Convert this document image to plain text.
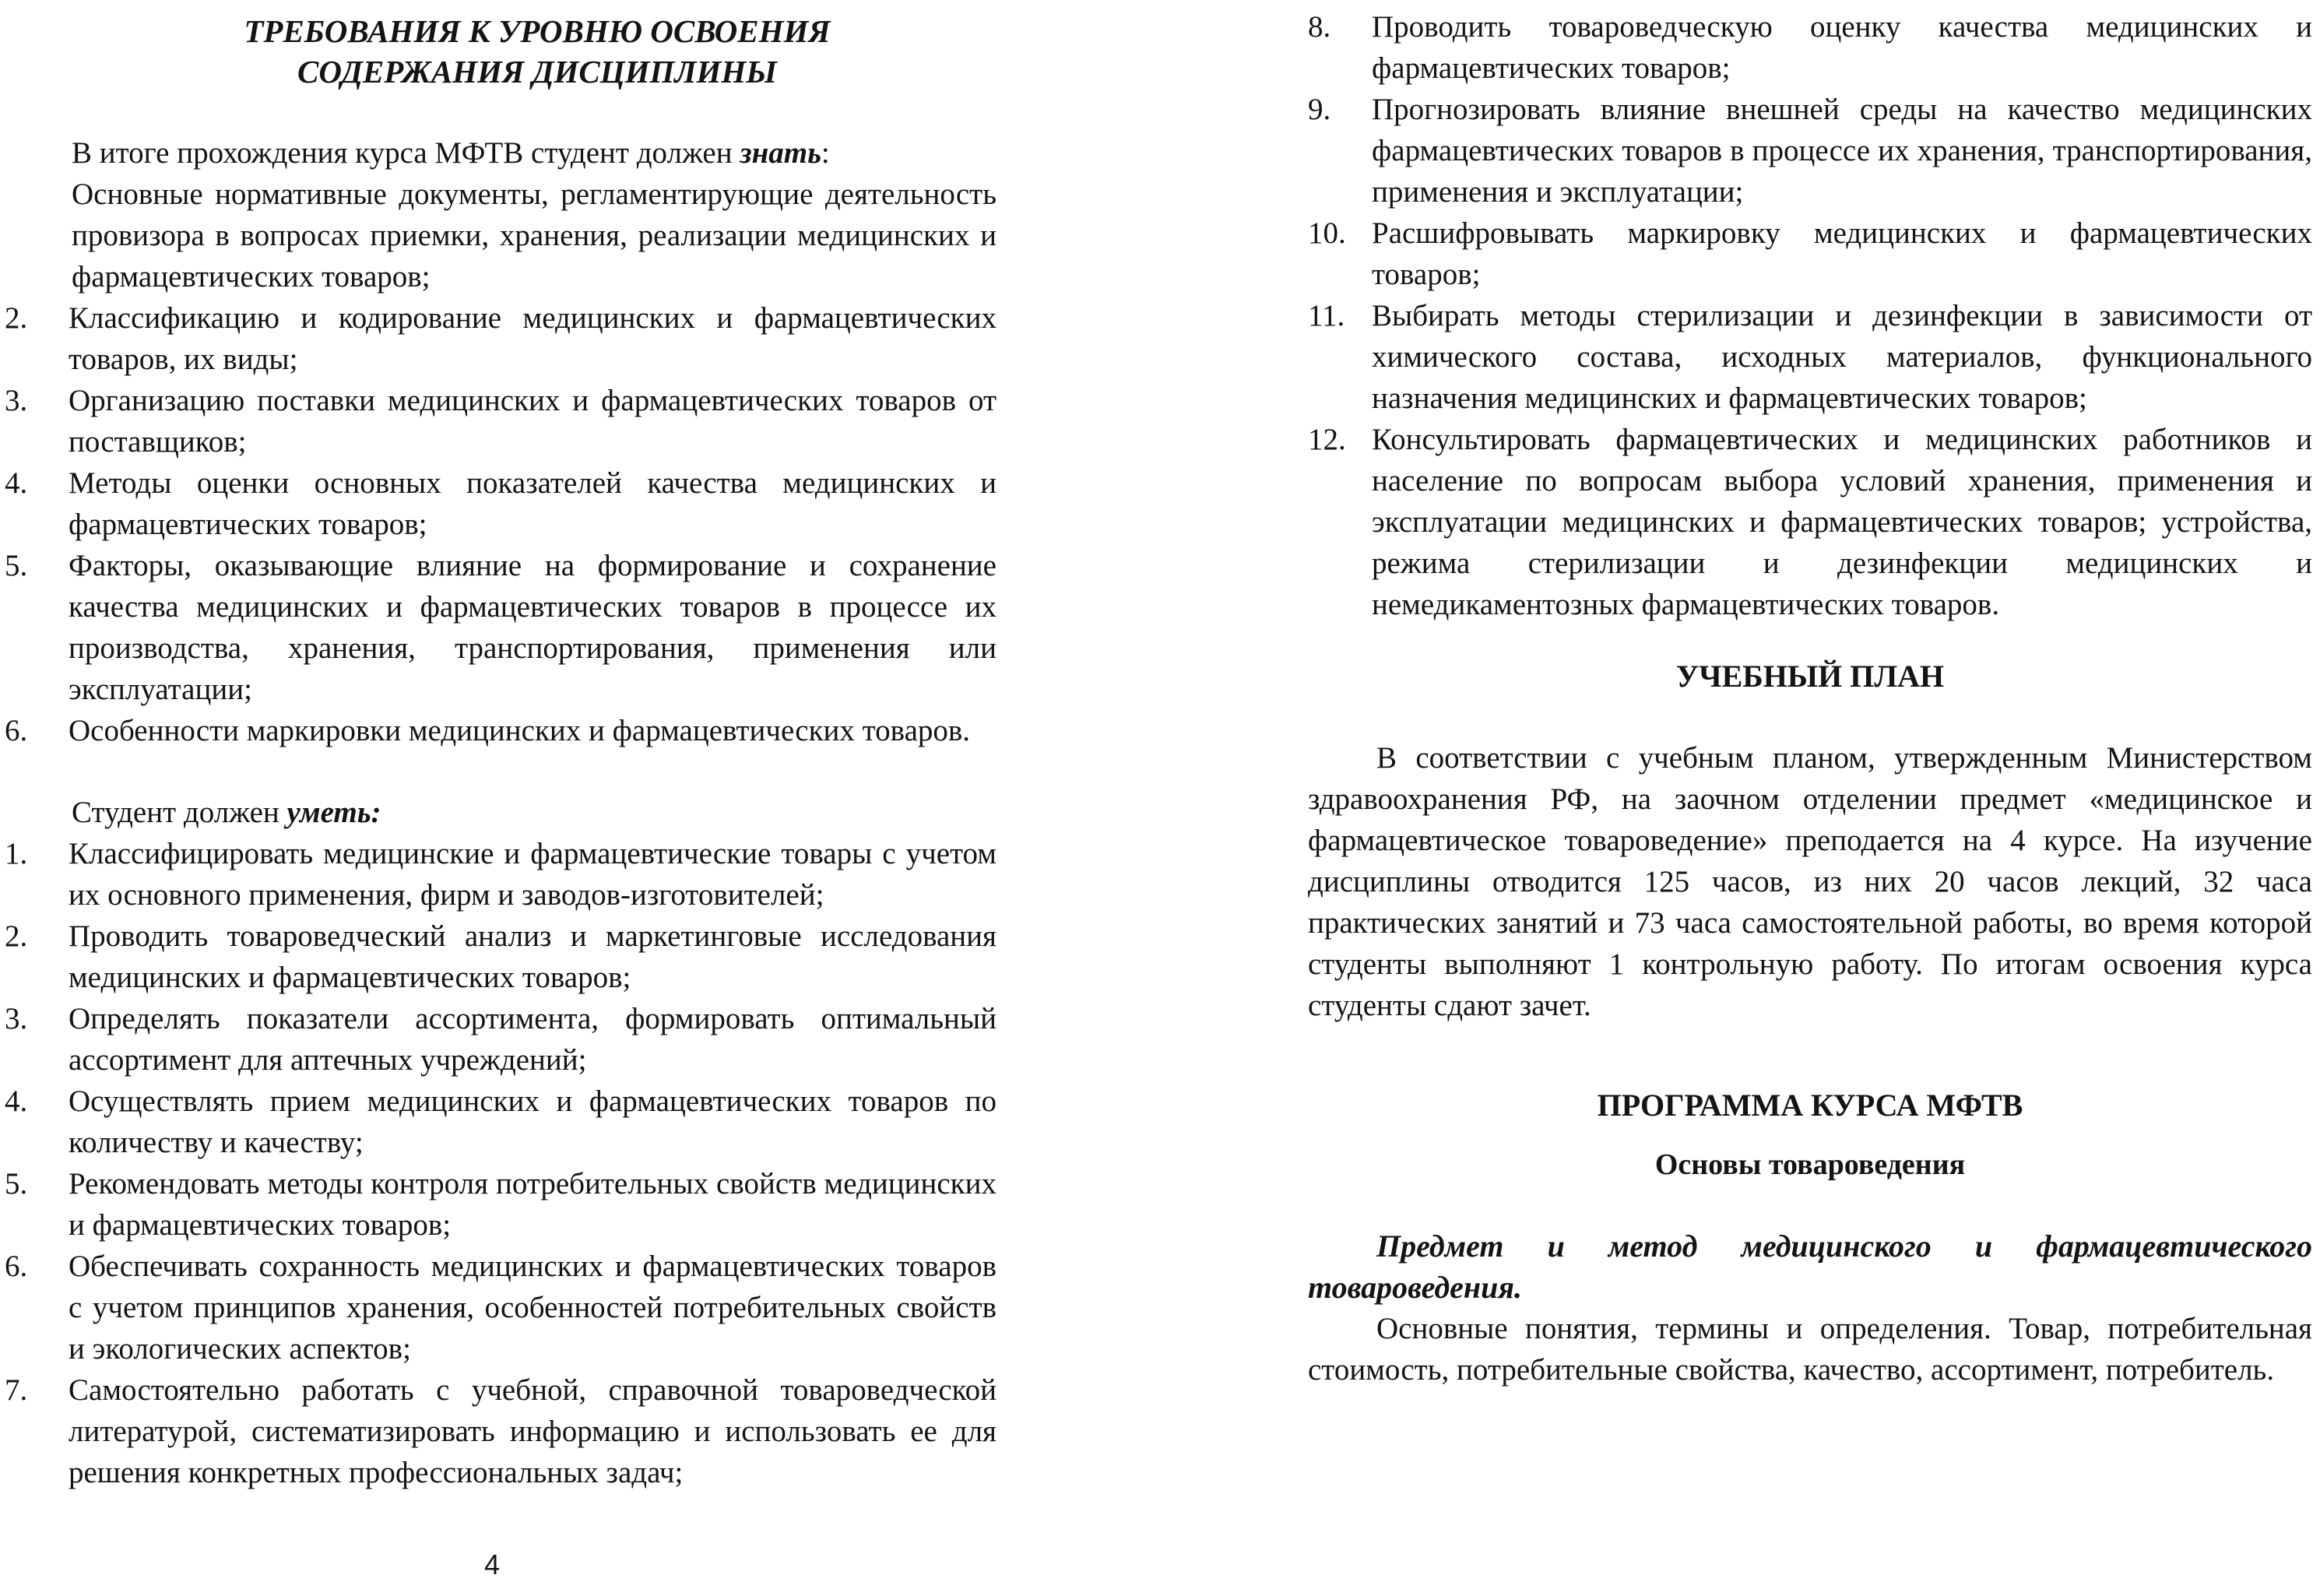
ТРЕБОВАНИЯ К УРОВНЮ ОСВОЕНИЯ
СОДЕРЖАНИЯ ДИСЦИПЛИНЫ

В итоге прохождения курса МФТВ студент должен знать:

Основные нормативные документы, регламентирующие деятельность провизора в вопросах приемки, хранения, реализации медицинских и фармацевтических товаров;

2.	Классификацию и кодирование медицинских и фармацевтических товаров, их виды;
3.	Организацию поставки медицинских и фармацевтических товаров от поставщиков;
4.	Методы оценки основных показателей качества медицинских и фармацевтических товаров;
5.	Факторы, оказывающие влияние на формирование и сохранение качества медицинских и фармацевтических товаров в процессе их производства, хранения, транспортирования, применения или эксплуатации;
6.	Особенности маркировки медицинских и фармацевтических товаров.

Студент должен уметь:

1.	Классифицировать медицинские и фармацевтические товары с учетом их основного применения, фирм и заводов-изготовителей;
2.	Проводить товароведческий анализ и маркетинговые исследования медицинских и фармацевтических товаров;
3.	Определять показатели ассортимента, формировать оптимальный ассортимент для аптечных учреждений;
4.	Осуществлять прием медицинских и фармацевтических товаров по количеству и качеству;
5.	Рекомендовать методы контроля потребительных свойств медицинских и фармацевтических товаров;
6.	Обеспечивать сохранность медицинских и фармацевтических товаров с учетом принципов хранения, особенностей потребительных свойств и экологических аспектов;
7.	Самостоятельно работать с учебной, справочной товароведческой литературой, систематизировать информацию и использовать ее для решения конкретных профессиональных задач;
4
8.	Проводить товароведческую оценку качества медицинских и фармацевтических товаров;
9.	Прогнозировать влияние внешней среды на качество медицинских фармацевтических товаров в процессе их хранения, транспортирования, применения и эксплуатации;
10. Расшифровывать маркировку медицинских и фармацевтических товаров;
11. Выбирать методы стерилизации и дезинфекции в зависимости от химического состава, исходных материалов, функционального назначения медицинских и фармацевтических товаров;
12. Консультировать фармацевтических и медицинских работников и население по вопросам выбора условий хранения, применения и эксплуатации медицинских и фармацевтических товаров; устройства, режима стерилизации и дезинфекции медицинских и немедикаментозных фармацевтических товаров.
УЧЕБНЫЙ ПЛАН

В соответствии с учебным планом, утвержденным Министерством здравоохранения РФ, на заочном отделении предмет «медицинское и фармацевтическое товароведение» преподается на 4 курсе. На изучение дисциплины отводится 125 часов, из них 20 часов лекций, 32 часа практических занятий и 73 часа самостоятельной работы, во время которой студенты выполняют 1 контрольную работу. По итогам освоения курса студенты сдают зачет.

ПРОГРАММА КУРСА МФТВ
Основы товароведения

Предмет и метод медицинского и фармацевтического товароведения.

Основные понятия, термины и определения. Товар, потребительная стоимость, потребительные свойства, качество, ассортимент, потребитель.
